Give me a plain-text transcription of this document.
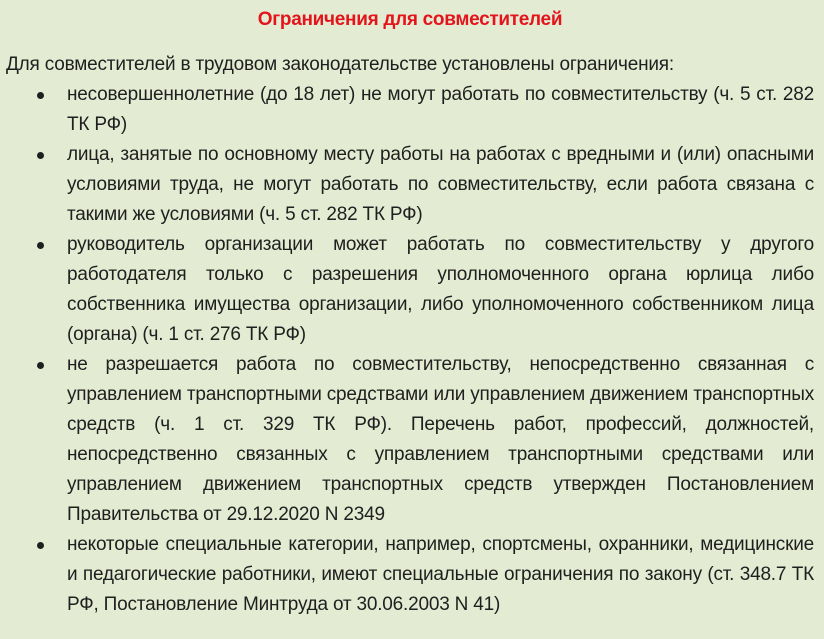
Ограничения для совместителей

Для совместителей в трудовом законодательстве установлены ограничения:

несовершеннолетние (до 18 лет) не могут работать по совместительству (ч. 5 ст. 282 ТК РФ)
лица, занятые по основному месту работы на работах с вредными и (или) опасными условиями труда, не могут работать по совместительству, если работа связана с такими же условиями (ч. 5 ст. 282 ТК РФ)
руководитель организации может работать по совместительству у другого работодателя только с разрешения уполномоченного органа юрлица либо собственника имущества организации, либо уполномоченного собственником лица (органа) (ч. 1 ст. 276 ТК РФ)
не разрешается работа по совместительству, непосредственно связанная с управлением транспортными средствами или управлением движением транспортных средств (ч. 1 ст. 329 ТК РФ). Перечень работ, профессий, должностей, непосредственно связанных с управлением транспортными средствами или управлением движением транспортных средств утвержден Постановлением Правительства от 29.12.2020 N 2349
некоторые специальные категории, например, спортсмены, охранники, медицинские и педагогические работники, имеют специальные ограничения по закону (ст. 348.7 ТК РФ, Постановление Минтруда от 30.06.2003 N 41)
